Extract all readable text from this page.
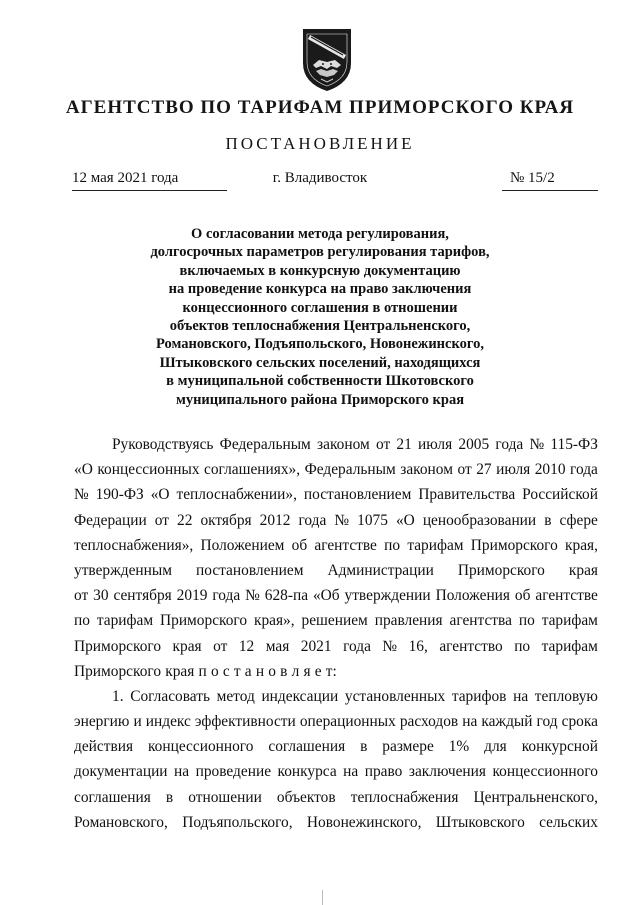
АГЕНТСТВО ПО ТАРИФАМ ПРИМОРСКОГО КРАЯ
ПОСТАНОВЛЕНИЕ
12 мая 2021 года	г. Владивосток	№ 15/2
О согласовании метода регулирования,
долгосрочных параметров регулирования тарифов,
включаемых в конкурсную документацию
на проведение конкурса на право заключения
концессионного соглашения в отношении
объектов теплоснабжения Центральненского,
Романовского, Подъяпольского, Новонежинского,
Штыковского сельских поселений, находящихся
в муниципальной собственности Шкотовского
муниципального района Приморского края
Руководствуясь Федеральным законом от 21 июля 2005 года № 115-ФЗ
«О концессионных соглашениях», Федеральным законом от 27 июля 2010 года
№ 190-ФЗ «О теплоснабжении», постановлением Правительства Российской
Федерации от 22 октября 2012 года № 1075 «О ценообразовании в сфере
теплоснабжения», Положением об агентстве по тарифам Приморского края,
утвержденным постановлением Администрации Приморского края
от 30 сентября 2019 года № 628-па «Об утверждении Положения об агентстве
по тарифам Приморского края», решением правления агентства по тарифам
Приморского края от 12 мая 2021 года № 16, агентство по тарифам
Приморского края п о с т а н о в л я е т:
1. Согласовать метод индексации установленных тарифов на тепловую
энергию и индекс эффективности операционных расходов на каждый год срока
действия концессионного соглашения в размере 1% для конкурсной
документации на проведение конкурса на право заключения концессионного
соглашения в отношении объектов теплоснабжения Центральненского,
Романовского, Подъяпольского, Новонежинского, Штыковского сельских
